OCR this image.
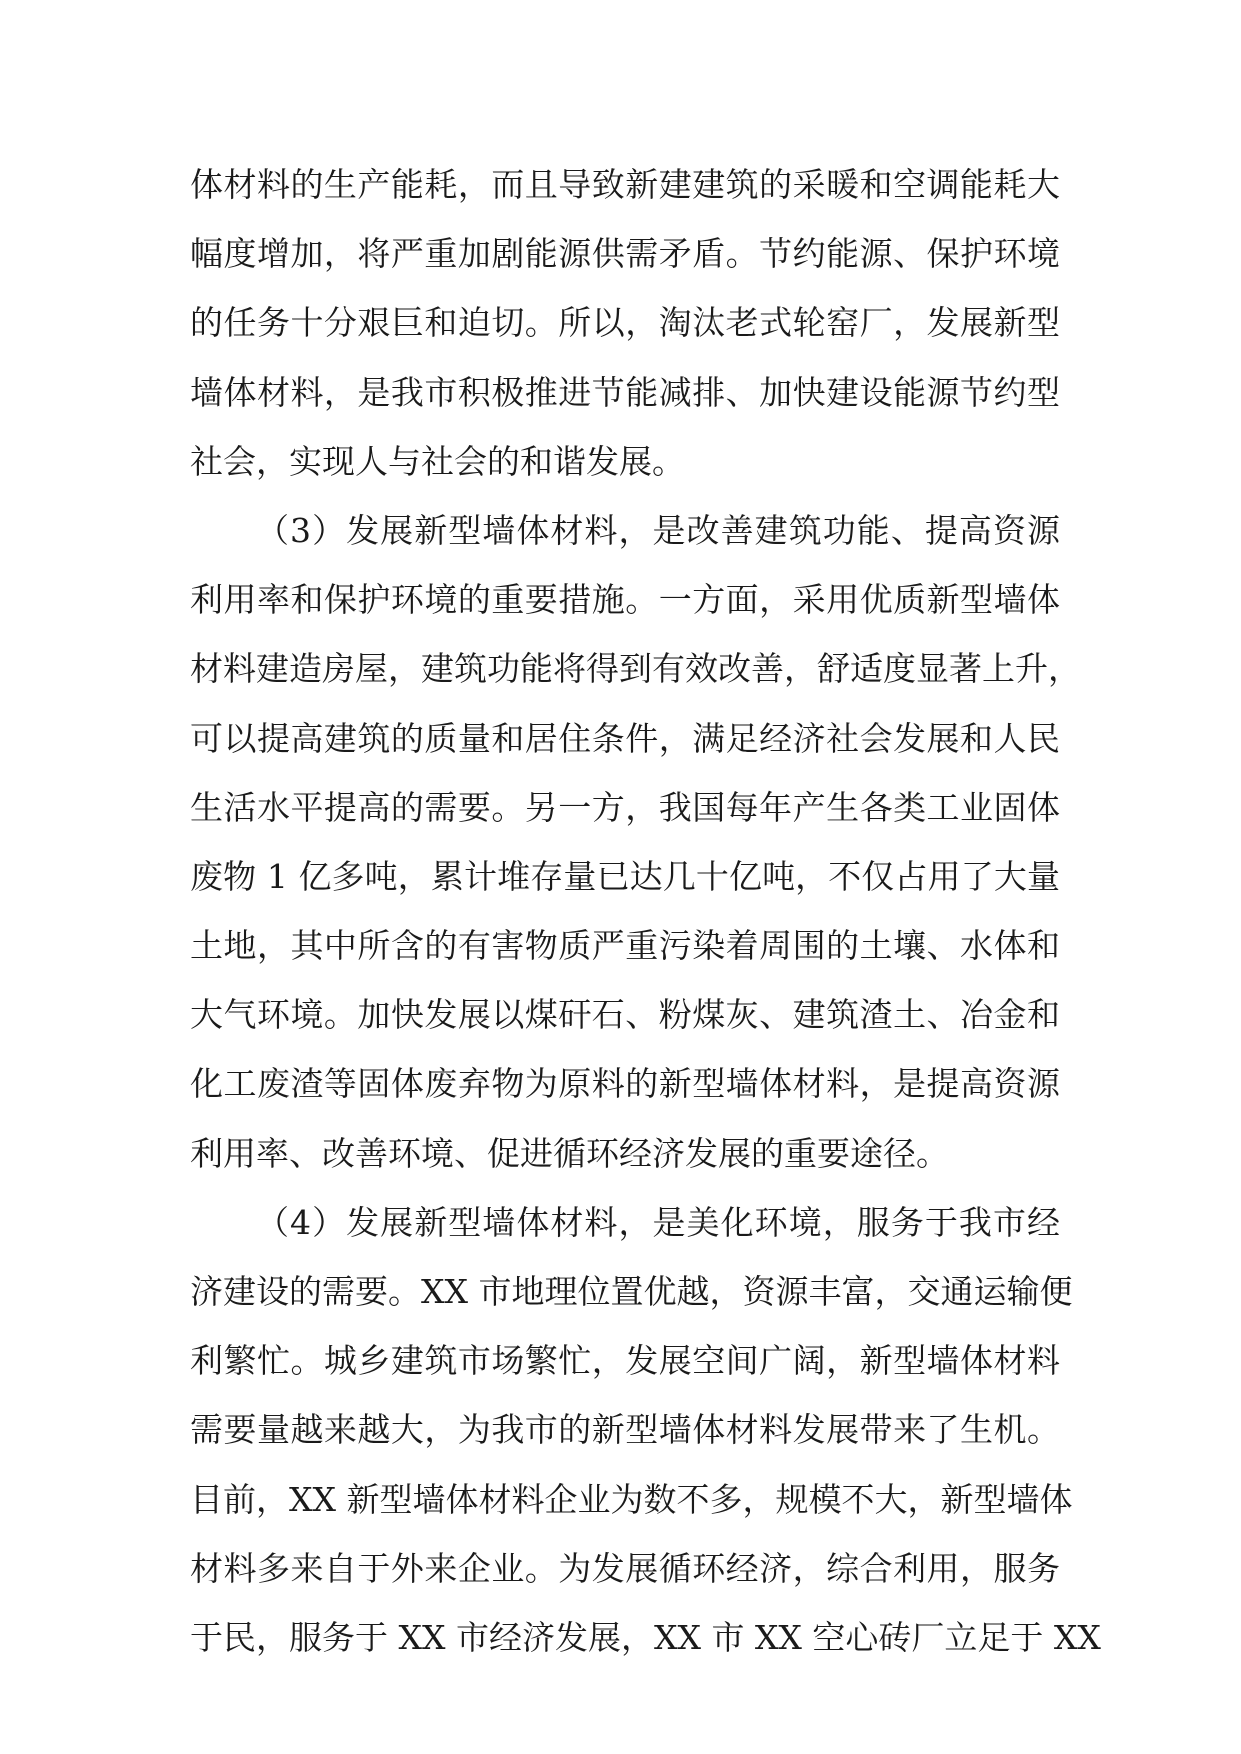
体材料的生产能耗，而且导致新建建筑的采暖和空调能耗大
幅度增加，将严重加剧能源供需矛盾。节约能源、保护环境
的任务十分艰巨和迫切。所以，淘汰老式轮窑厂，发展新型
墙体材料，是我市积极推进节能减排、加快建设能源节约型
社会，实现人与社会的和谐发展。
（3）发展新型墙体材料，是改善建筑功能、提高资源
利用率和保护环境的重要措施。一方面，采用优质新型墙体
材料建造房屋，建筑功能将得到有效改善，舒适度显著上升，
可以提高建筑的质量和居住条件，满足经济社会发展和人民
生活水平提高的需要。另一方，我国每年产生各类工业固体
废物 1 亿多吨，累计堆存量已达几十亿吨，不仅占用了大量
土地，其中所含的有害物质严重污染着周围的土壤、水体和
大气环境。加快发展以煤矸石、粉煤灰、建筑渣土、冶金和
化工废渣等固体废弃物为原料的新型墙体材料，是提高资源
利用率、改善环境、促进循环经济发展的重要途径。
（4）发展新型墙体材料，是美化环境，服务于我市经
济建设的需要。XX 市地理位置优越，资源丰富，交通运输便
利繁忙。城乡建筑市场繁忙，发展空间广阔，新型墙体材料
需要量越来越大，为我市的新型墙体材料发展带来了生机。
目前，XX 新型墙体材料企业为数不多，规模不大，新型墙体
材料多来自于外来企业。为发展循环经济，综合利用，服务
于民，服务于 XX 市经济发展，XX 市 XX 空心砖厂立足于 XX
